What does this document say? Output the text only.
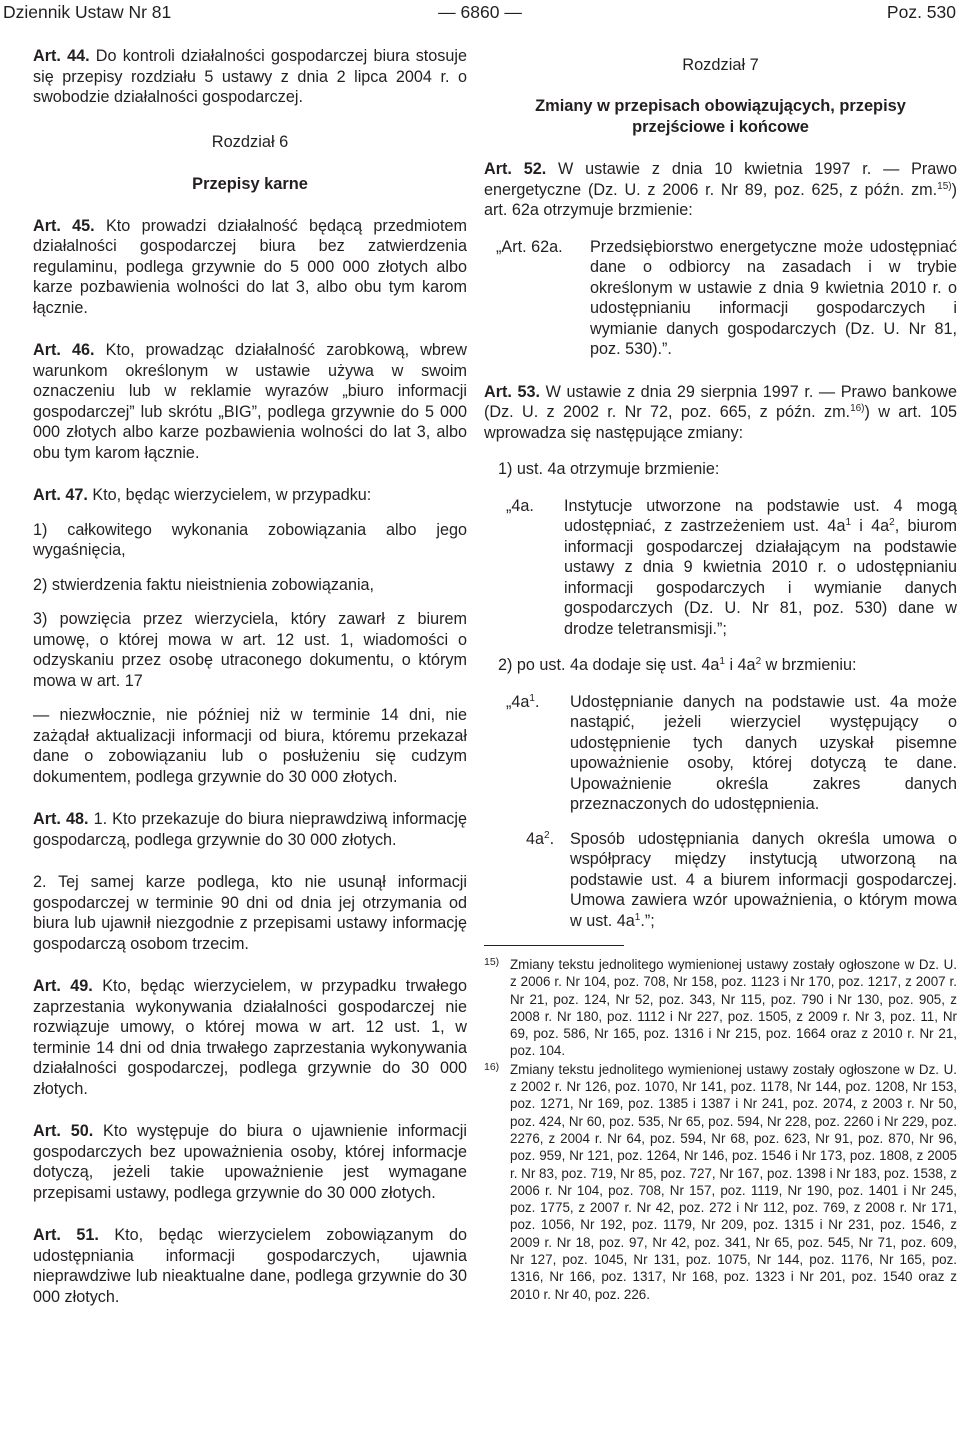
Dziennik Ustaw Nr 81	— 6860 —	Poz. 530

Art. 44. Do kontroli działalności gospodarczej biura stosuje się przepisy rozdziału 5 ustawy z dnia 2 lipca 2004 r. o swobodzie działalności gospodarczej.

Rozdział 6

Przepisy karne

Art. 45. Kto prowadzi działalność będącą przedmiotem działalności gospodarczej biura bez zatwierdzenia regulaminu, podlega grzywnie do 5 000 000 złotych albo karze pozbawienia wolności do lat 3, albo obu tym karom łącznie.

Art. 46. Kto, prowadząc działalność zarobkową, wbrew warunkom określonym w ustawie używa w swoim oznaczeniu lub w reklamie wyrazów „biuro informacji gospodarczej” lub skrótu „BIG”, podlega grzywnie do 5 000 000 złotych albo karze pozbawienia wolności do lat 3, albo obu tym karom łącznie.

Art. 47. Kto, będąc wierzycielem, w przypadku:

1) całkowitego wykonania zobowiązania albo jego wygaśnięcia,

2) stwierdzenia faktu nieistnienia zobowiązania,

3) powzięcia przez wierzyciela, który zawarł z biurem umowę, o której mowa w art. 12 ust. 1, wiadomości o odzyskaniu przez osobę utraconego dokumentu, o którym mowa w art. 17

— niezwłocznie, nie później niż w terminie 14 dni, nie zażądał aktualizacji informacji od biura, któremu przekazał dane o zobowiązaniu lub o posłużeniu się cudzym dokumentem, podlega grzywnie do 30 000 złotych.

Art. 48. 1. Kto przekazuje do biura nieprawdziwą informację gospodarczą, podlega grzywnie do 30 000 złotych.

2. Tej samej karze podlega, kto nie usunął informacji gospodarczej w terminie 90 dni od dnia jej otrzymania od biura lub ujawnił niezgodnie z przepisami ustawy informację gospodarczą osobom trzecim.

Art. 49. Kto, będąc wierzycielem, w przypadku trwałego zaprzestania wykonywania działalności gospodarczej nie rozwiązuje umowy, o której mowa w art. 12 ust. 1, w terminie 14 dni od dnia trwałego zaprzestania wykonywania działalności gospodarczej, podlega grzywnie do 30 000 złotych.

Art. 50. Kto występuje do biura o ujawnienie informacji gospodarczych bez upoważnienia osoby, której informacje dotyczą, jeżeli takie upoważnienie jest wymagane przepisami ustawy, podlega grzywnie do 30 000 złotych.

Art. 51. Kto, będąc wierzycielem zobowiązanym do udostępniania informacji gospodarczych, ujawnia nieprawdziwe lub nieaktualne dane, podlega grzywnie do 30 000 złotych.

Rozdział 7

Zmiany w przepisach obowiązujących, przepisy przejściowe i końcowe

Art. 52. W ustawie z dnia 10 kwietnia 1997 r. — Prawo energetyczne (Dz. U. z 2006 r. Nr 89, poz. 625, z późn. zm.$^{15)}$) art. 62a otrzymuje brzmienie:

„Art. 62a. Przedsiębiorstwo energetyczne może udostępniać dane o odbiorcy na zasadach i w trybie określonym w ustawie z dnia 9 kwietnia 2010 r. o udostępnianiu informacji gospodarczych i wymianie danych gospodarczych (Dz. U. Nr 81, poz. 530).”.

Art. 53. W ustawie z dnia 29 sierpnia 1997 r. — Prawo bankowe (Dz. U. z 2002 r. Nr 72, poz. 665, z późn. zm.$^{16)}$) w art. 105 wprowadza się następujące zmiany:

1) ust. 4a otrzymuje brzmienie:

„4a. Instytucje utworzone na podstawie ust. 4 mogą udostępniać, z zastrzeżeniem ust. $4a^1$ i $4a^2$, biurom informacji gospodarczej działającym na podstawie ustawy z dnia 9 kwietnia 2010 r. o udostępnianiu informacji gospodarczych i wymianie danych gospodarczych (Dz. U. Nr 81, poz. 530) dane w drodze teletransmisji.”;

2) po ust. 4a dodaje się ust. $4a^1$ i $4a^2$ w brzmieniu:

$„4a^1$. Udostępnianie danych na podstawie ust. 4a może nastąpić, jeżeli wierzyciel występujący o udostępnienie tych danych uzyskał pisemne upoważnienie osoby, której dotyczą te dane. Upoważnienie określa zakres danych przeznaczonych do udostępnienia.
$4a^2$. Sposób udostępniania danych określa umowa o współpracy między instytucją utworzoną na podstawie ust. 4 a biurem informacji gospodarczej. Umowa zawiera wzór upoważnienia, o którym mowa w ust. $4a^1$.”;

15) Zmiany tekstu jednolitego wymienionej ustawy zostały ogłoszone w Dz. U. z 2006 r. Nr 104, poz. 708, Nr 158, poz. 1123 i Nr 170, poz. 1217, z 2007 r. Nr 21, poz. 124, Nr 52, poz. 343, Nr 115, poz. 790 i Nr 130, poz. 905, z 2008 r. Nr 180, poz. 1112 i Nr 227, poz. 1505, z 2009 r. Nr 3, poz. 11, Nr 69, poz. 586, Nr 165, poz. 1316 i Nr 215, poz. 1664 oraz z 2010 r. Nr 21, poz. 104.

16) Zmiany tekstu jednolitego wymienionej ustawy zostały ogłoszone w Dz. U. z 2002 r. Nr 126, poz. 1070, Nr 141, poz. 1178, Nr 144, poz. 1208, Nr 153, poz. 1271, Nr 169, poz. 1385 i 1387 i Nr 241, poz. 2074, z 2003 r. Nr 50, poz. 424, Nr 60, poz. 535, Nr 65, poz. 594, Nr 228, poz. 2260 i Nr 229, poz. 2276, z 2004 r. Nr 64, poz. 594, Nr 68, poz. 623, Nr 91, poz. 870, Nr 96, poz. 959, Nr 121, poz. 1264, Nr 146, poz. 1546 i Nr 173, poz. 1808, z 2005 r. Nr 83, poz. 719, Nr 85, poz. 727, Nr 167, poz. 1398 i Nr 183, poz. 1538, z 2006 r. Nr 104, poz. 708, Nr 157, poz. 1119, Nr 190, poz. 1401 i Nr 245, poz. 1775, z 2007 r. Nr 42, poz. 272 i Nr 112, poz. 769, z 2008 r. Nr 171, poz. 1056, Nr 192, poz. 1179, Nr 209, poz. 1315 i Nr 231, poz. 1546, z 2009 r. Nr 18, poz. 97, Nr 42, poz. 341, Nr 65, poz. 545, Nr 71, poz. 609, Nr 127, poz. 1045, Nr 131, poz. 1075, Nr 144, poz. 1176, Nr 165, poz. 1316, Nr 166, poz. 1317, Nr 168, poz. 1323 i Nr 201, poz. 1540 oraz z 2010 r. Nr 40, poz. 226.
